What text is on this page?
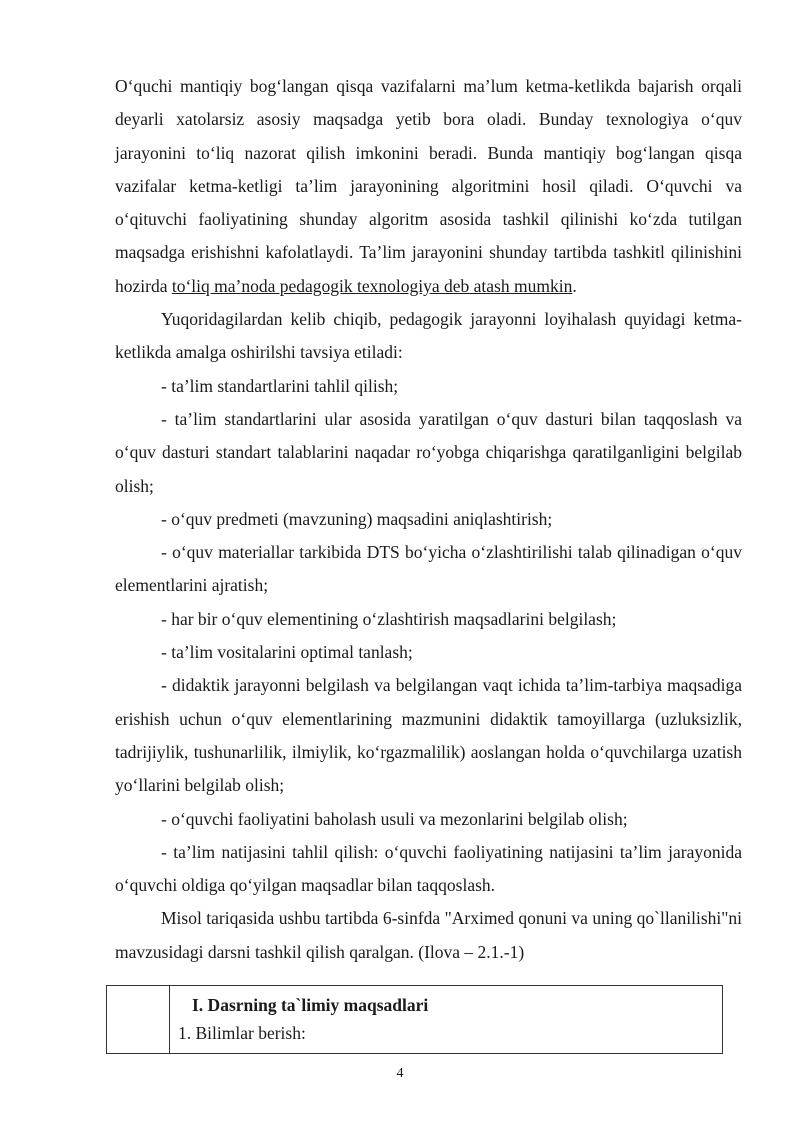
O‘quchi mantiqiy bog‘langan qisqa vazifalarni ma’lum ketma-ketlikda bajarish orqali deyarli xatolarsiz asosiy maqsadga yetib bora oladi. Bunday texnologiya o‘quv jarayonini to‘liq nazorat qilish imkonini beradi. Bunda mantiqiy bog‘langan qisqa vazifalar ketma-ketligi ta’lim jarayonining algoritmini hosil qiladi. O‘quvchi va o‘qituvchi faoliyatining shunday algoritm asosida tashkil qilinishi ko‘zda tutilgan maqsadga erishishni kafolatlaydi. Ta’lim jarayonini shunday tartibda tashkitl qilinishini hozirda to‘liq ma’noda pedagogik texnologiya deb atash mumkin.

Yuqoridagilardan kelib chiqib, pedagogik jarayonni loyihalash quyidagi ketma-ketlikda amalga oshirilshi tavsiya etiladi:

- ta’lim standartlarini tahlil qilish;

- ta’lim standartlarini ular asosida yaratilgan o‘quv dasturi bilan taqqoslash va o‘quv dasturi standart talablarini naqadar ro‘yobga chiqarishga qaratilganligini belgilab olish;

- o‘quv predmeti (mavzuning) maqsadini aniqlashtirish;

- o‘quv materiallar tarkibida DTS bo‘yicha o‘zlashtirilishi talab qilinadigan o‘quv elementlarini ajratish;

- har bir o‘quv elementining o‘zlashtirish maqsadlarini belgilash;

- ta’lim vositalarini optimal tanlash;

- didaktik jarayonni belgilash va belgilangan vaqt ichida ta’lim-tarbiya maqsadiga erishish uchun o‘quv elementlarining mazmunini didaktik tamoyillarga (uzluksizlik, tadrijiylik, tushunarlilik, ilmiylik, ko‘rgazmalilik) aoslangan holda o‘quvchilarga uzatish yo‘llarini belgilab olish;

- o‘quvchi faoliyatini baholash usuli va mezonlarini belgilab olish;

- ta’lim natijasini tahlil qilish: o‘quvchi faoliyatining natijasini ta’lim jarayonida o‘quvchi oldiga qo‘yilgan maqsadlar bilan taqqoslash.

Misol tariqasida ushbu tartibda 6-sinfda "Arximed qonuni va uning qo`llanilishi"ni mavzusidagi darsni tashkil qilish qaralgan. (Ilova – 2.1.-1)

I. Dasrning ta`limiy maqsadlari
1. Bilimlar berish:
4
